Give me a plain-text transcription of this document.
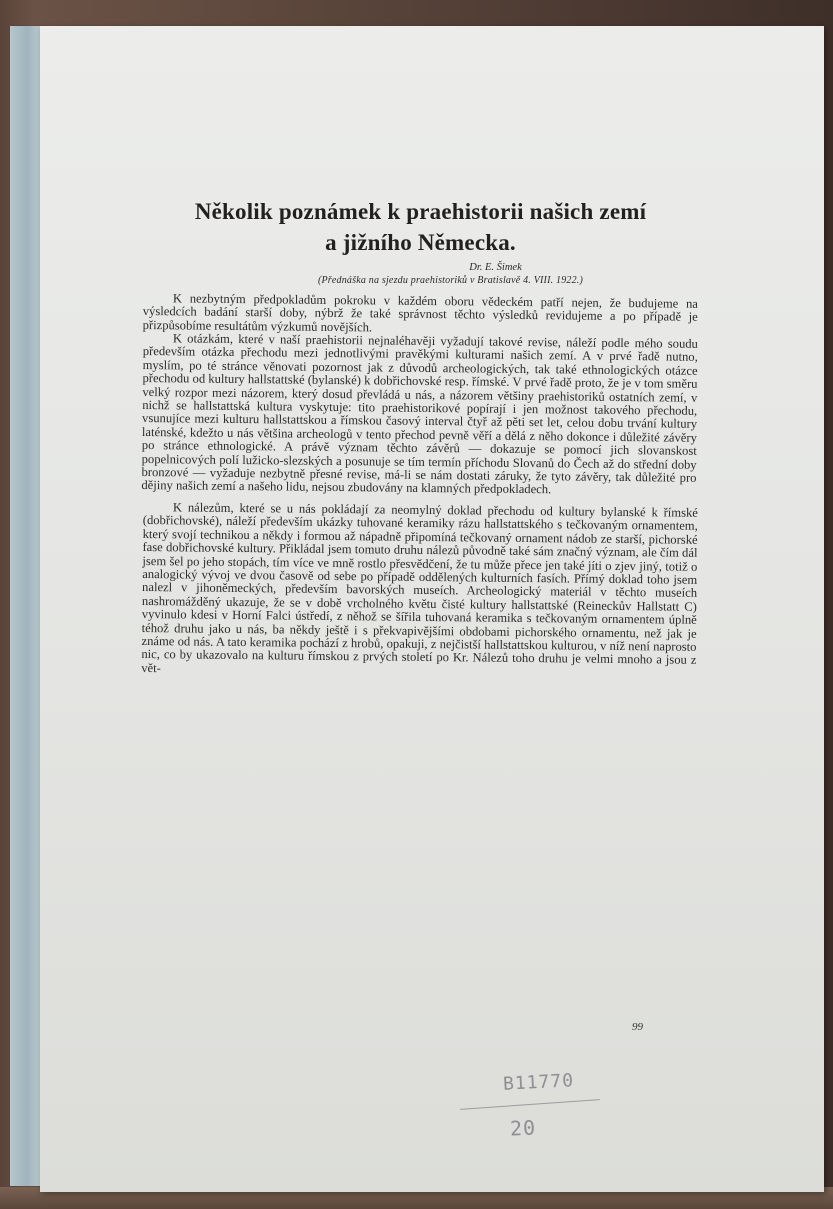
Několik poznámek k praehistorii našich zemí
a jižního Německa.
Dr. E. Šimek
(Přednáška na sjezdu praehistoriků v Bratislavě 4. VIII. 1922.)

K nezbytným předpokladům pokroku v každém oboru vědeckém patří nejen, že budujeme na výsledcích badání starší doby, nýbrž že také správnost těchto výsledků revidujeme a po případě je přizpůsobíme resultátům výzkumů novějších.

K otázkám, které v naší praehistorii nejnaléhavěji vyžadují takové revise, náleží podle mého soudu především otázka přechodu mezi jednotlivými pravěkými kulturami našich zemí. A v prvé řadě nutno, myslím, po té stránce věnovati pozornost jak z důvodů archeologických, tak také ethnologických otázce přechodu od kultury hallstattské (bylanské) k dobřichovské resp. římské. V prvé řadě proto, že je v tom směru velký rozpor mezi názorem, který dosud převládá u nás, a názorem většiny praehistoriků ostatních zemí, v nichž se hallstattská kultura vyskytuje: tito praehistorikové popírají i jen možnost takového přechodu, vsunujíce mezi kulturu hallstattskou a římskou časový interval čtyř až pěti set let, celou dobu trvání kultury laténské, kdežto u nás většina archeologů v tento přechod pevně věří a dělá z něho dokonce i důležité závěry po stránce ethnologické. A právě význam těchto závěrů — dokazuje se pomocí jich slovanskost popelnicových polí lužicko-slezských a posunuje se tím termín příchodu Slovanů do Čech až do střední doby bronzové — vyžaduje nezbytně přesné revise, má-li se nám dostati záruky, že tyto závěry, tak důležité pro dějiny našich zemí a našeho lidu, nejsou zbudovány na klamných předpokladech.

K nálezům, které se u nás pokládají za neomylný doklad přechodu od kultury bylanské k římské (dobřichovské), náleží především ukázky tuhované keramiky rázu hallstattského s tečkovaným ornamentem, který svojí technikou a někdy i formou až nápadně připomíná tečkovaný ornament nádob ze starší, pichorské fase dobřichovské kultury. Přikládal jsem tomuto druhu nálezů původně také sám značný význam, ale čím dál jsem šel po jeho stopách, tím více ve mně rostlo přesvědčení, že tu může přece jen také jíti o zjev jiný, totiž o analogický vývoj ve dvou časově od sebe po případě oddělených kulturních fasích. Přímý doklad toho jsem nalezl v jihoněmeckých, především bavorských museích. Archeologický materiál v těchto museích nashromážděný ukazuje, že se v době vrcholného květu čisté kultury hallstattské (Reineckův Hallstatt C) vyvinulo kdesi v Horní Falci ústředí, z něhož se šířila tuhovaná keramika s tečkovaným ornamentem úplně téhož druhu jako u nás, ba někdy ještě i s překvapivějšími obdobami pichorského ornamentu, než jak je známe od nás. A tato keramika pochází z hrobů, opakuji, z nejčistší hallstattskou kulturou, v níž není naprosto nic, co by ukazovalo na kulturu římskou z prvých století po Kr. Nálezů toho druhu je velmi mnoho a jsou z vět-

99
B11770
20
